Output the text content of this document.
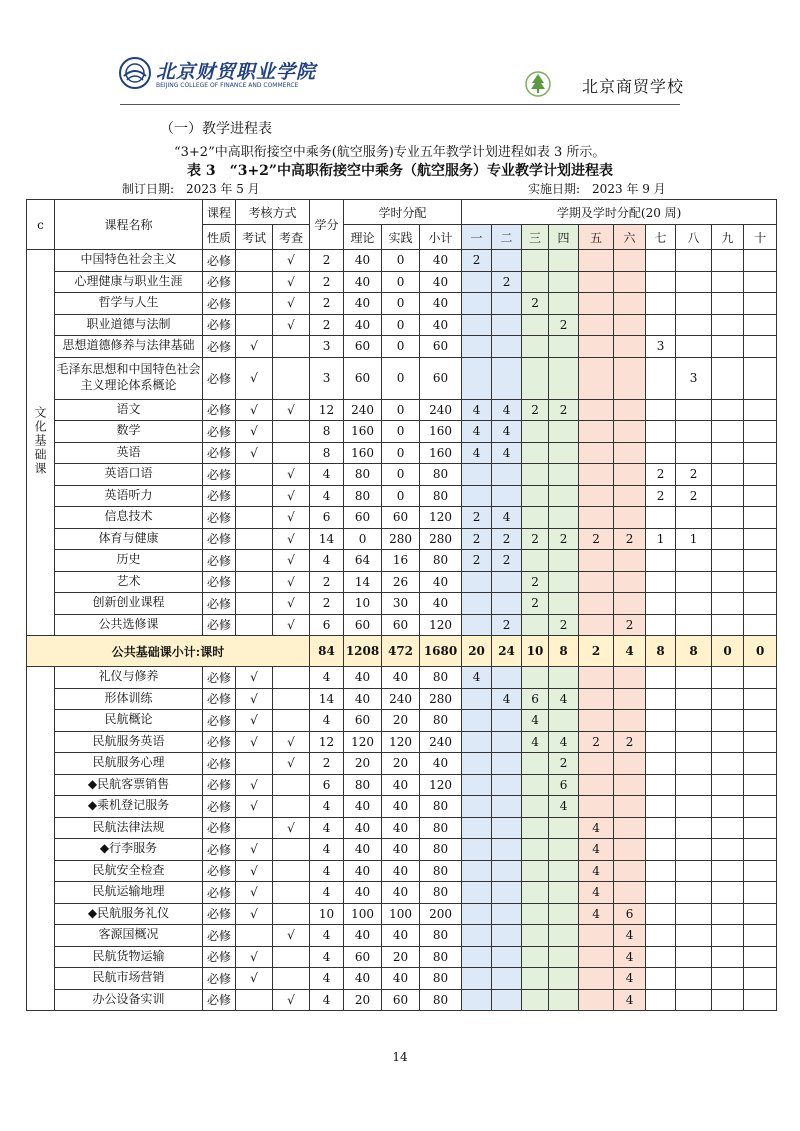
北京财贸职业学院
BEIJING COLLEGE OF FINANCE AND COMMERCE	北京商贸学校
（一）教学进程表
“3+2”中高职衔接空中乘务(航空服务)专业五年教学计划进程如表 3 所示。
表 3　“3+2”中高职衔接空中乘务（航空服务）专业教学计划进程表
制订日期:　2023 年 5 月	实施日期:　2023 年 9 月
c	课程名称	课程	考核方式		学分	学时分配			学期及学时分配(20 周)									
		性质	考试	考查		理论	实践	小计	一	二	三	四	五	六	七	八	九	十
文化基础课	中国特色社会主义	必修		√	2	40	0	40	2									
	心理健康与职业生涯	必修		√	2	40	0	40		2								
	哲学与人生	必修		√	2	40	0	40			2							
	职业道德与法制	必修		√	2	40	0	40				2						
	思想道德修养与法律基础	必修	√		3	60	0	60							3			
	毛泽东思想和中国特色社会主义理论体系概论	必修	√		3	60	0	60								3		
	语文	必修	√	√	12	240	0	240	4	4	2	2						
	数学	必修	√		8	160	0	160	4	4								
	英语	必修	√		8	160	0	160	4	4								
	英语口语	必修		√	4	80	0	80							2	2		
	英语听力	必修		√	4	80	0	80							2	2		
	信息技术	必修		√	6	60	60	120	2	4								
	体育与健康	必修		√	14	0	280	280	2	2	2	2	2	2	1	1		
	历史	必修		√	4	64	16	80	2	2								
	艺术	必修		√	2	14	26	40			2							
	创新创业课程	必修		√	2	10	30	40			2							
	公共选修课	必修		√	6	60	60	120		2		2		2				
公共基础课小计:课时					84	1208	472	1680	20	24	10	8	2	4	8	8	0	0
	礼仪与修养	必修	√		4	40	40	80	4									
	形体训练	必修	√		14	40	240	280		4	6	4						
	民航概论	必修	√		4	60	20	80			4							
	民航服务英语	必修	√	√	12	120	120	240			4	4	2	2				
	民航服务心理	必修		√	2	20	20	40				2						
	◆民航客票销售	必修	√		6	80	40	120				6						
	◆乘机登记服务	必修	√		4	40	40	80				4						
	民航法律法规	必修		√	4	40	40	80					4					
	◆行李服务	必修	√		4	40	40	80					4					
	民航安全检查	必修	√		4	40	40	80					4					
	民航运输地理	必修	√		4	40	40	80					4					
	◆民航服务礼仪	必修	√		10	100	100	200					4	6				
	客源国概况	必修		√	4	40	40	80						4				
	民航货物运输	必修	√		4	60	20	80						4				
	民航市场营销	必修	√		4	40	40	80						4				
	办公设备实训	必修		√	4	20	60	80						4				
14
